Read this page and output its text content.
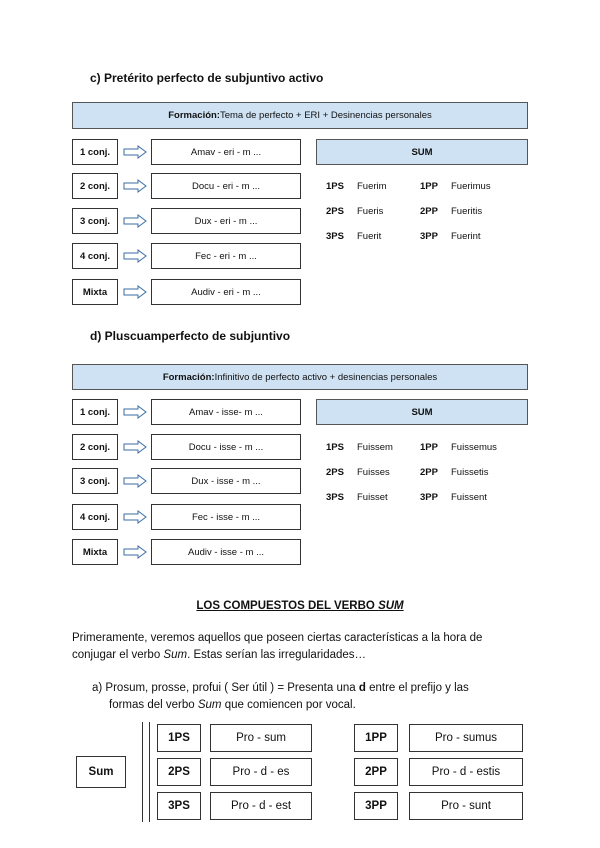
c) Pretérito perfecto de subjuntivo activo
Formación: Tema de perfecto + ERI + Desinencias personales
1 conj.	Amav - eri - m ...
2 conj.	Docu - eri - m ...
3 conj.	Dux - eri - m ...
4 conj.	Fec - eri - m ...
Mixta	Audiv - eri - m ...
SUM
1PS Fuerim	1PP Fuerimus
2PS Fueris	2PP Fueritis
3PS Fuerit	3PP Fuerint
d) Pluscuamperfecto de subjuntivo
Formación: Infinitivo de perfecto activo + desinencias personales
1 conj.	Amav - isse- m ...
2 conj.	Docu - isse - m ...
3 conj.	Dux - isse - m ...
4 conj.	Fec - isse - m ...
Mixta	Audiv - isse - m ...
SUM
1PS Fuissem	1PP Fuissemus
2PS Fuisses	2PP Fuissetis
3PS Fuisset	3PP Fuissent
LOS COMPUESTOS DEL VERBO SUM
Primeramente, veremos aquellos que poseen ciertas características a la hora de
conjugar el verbo Sum. Estas serían las irregularidades…
a) Prosum, prosse, profui ( Ser útil ) = Presenta una d entre el prefijo y las
formas del verbo Sum que comiencen por vocal.
Sum
1PS	Pro - sum	1PP	Pro - sumus
2PS	Pro - d - es	2PP	Pro - d - estis
3PS	Pro - d - est	3PP	Pro - sunt
